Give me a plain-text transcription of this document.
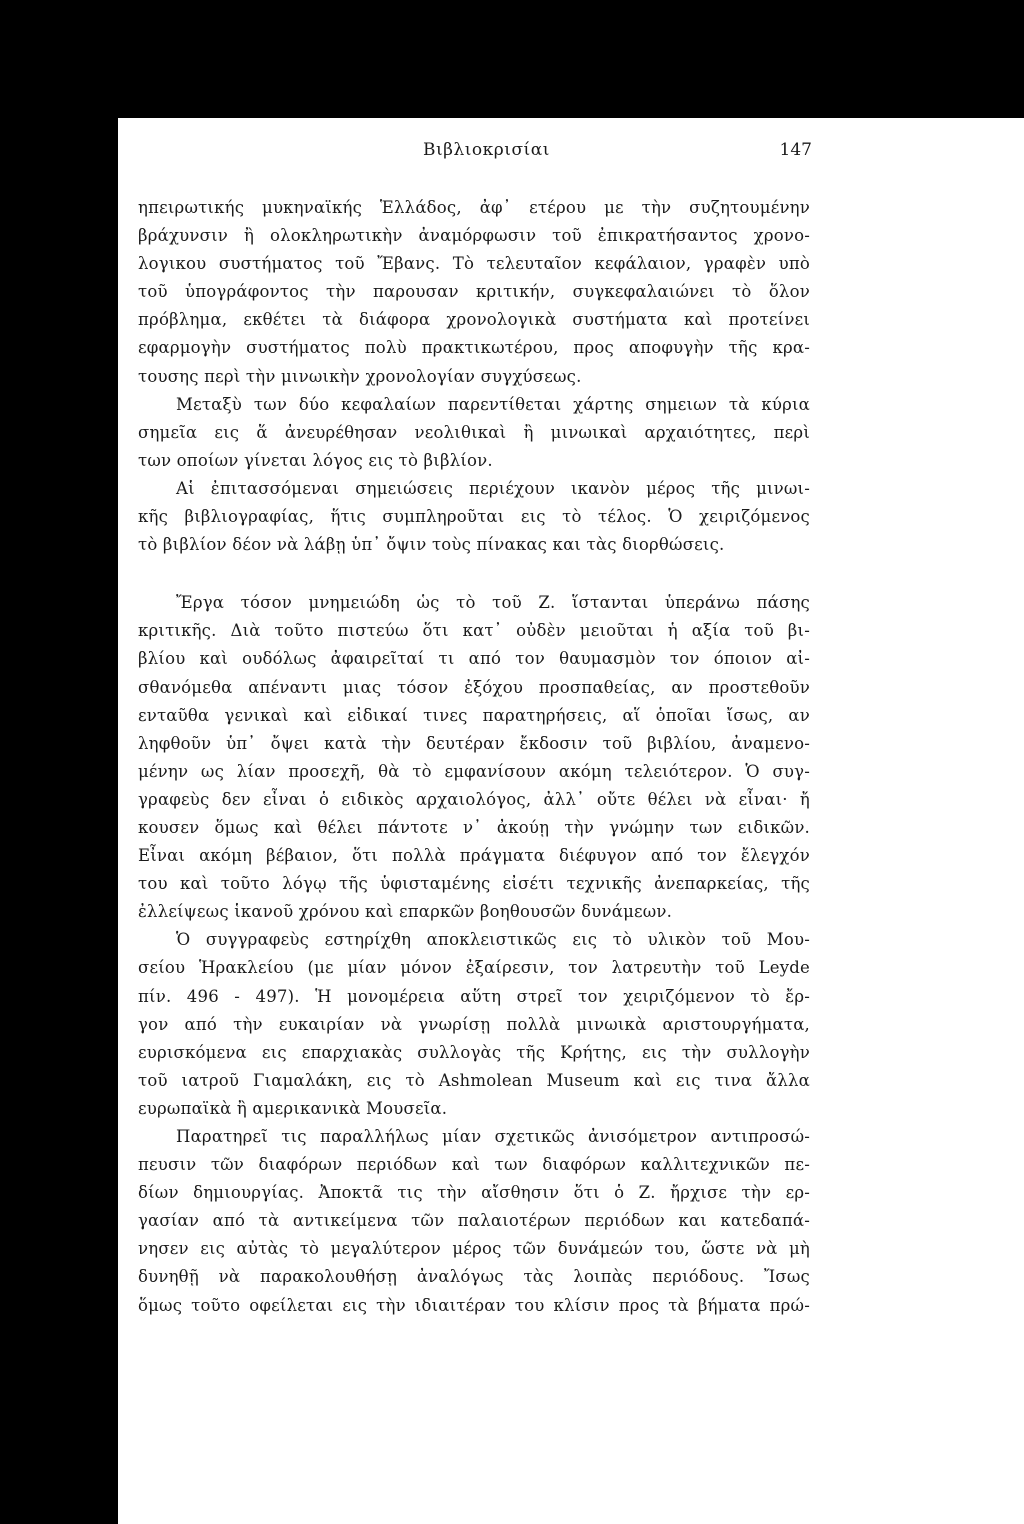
Βιβλιοκρισίαι	147
ηπειρωτικής μυκηναϊκής Ἑλλάδος, ἀφ᾽ ετέρου με τὴν συζητουμένην
βράχυνσιν ἢ ολοκληρωτικὴν ἀναμόρφωσιν τοῦ ἐπικρατήσαντος χρονο-
λογικου συστήματος τοῦ Ἔβανς. Τὸ τελευταῖον κεφάλαιον, γραφὲν υπὸ
τοῦ ὑπογράφοντος τὴν παρουσαν κριτικήν, συγκεφαλαιώνει τὸ ὅλον
πρόβλημα, εκθέτει τὰ διάφορα χρονολογικὰ συστήματα καὶ προτείνει
εφαρμογὴν συστήματος πολὺ πρακτικωτέρου, προς αποφυγὴν τῆς κρα-
τουσης περὶ τὴν μινωικὴν χρονολογίαν συγχύσεως.
Μεταξὺ των δύο κεφαλαίων παρεντίθεται χάρτης σημειων τὰ κύρια
σημεῖα εις ἅ ἀνευρέθησαν νεολιθικαὶ ἢ μινωικαὶ αρχαιότητες, περὶ
των οποίων γίνεται λόγος εις τὸ βιβλίον.
Αἱ ἐπιτασσόμεναι σημειώσεις περιέχουν ικανὸν μέρος τῆς μινωι-
κῆς βιβλιογραφίας, ἥτις συμπληροῦται εις τὸ τέλος. Ὁ χειριζόμενος
τὸ βιβλίον δέον νὰ λάβῃ ὑπ᾽ ὄψιν τοὺς πίνακας και τὰς διορθώσεις.
Ἔργα τόσον μνημειώδη ὡς τὸ τοῦ Ζ. ἵστανται ὑπεράνω πάσης
κριτικῆς. Διὰ τοῦτο πιστεύω ὅτι κατ᾽ οὐδὲν μειοῦται ἡ αξία τοῦ βι-
βλίου καὶ ουδόλως ἀφαιρεῖταί τι από τον θαυμασμὸν τον όποιον αἰ-
σθανόμεθα απέναντι μιας τόσον ἐξόχου προσπαθείας, αν προστεθοῦν
ενταῦθα γενικαὶ καὶ εἰδικαί τινες παρατηρήσεις, αἵ ὁποῖαι ἴσως, αν
ληφθοῦν ὑπ᾽ ὄψει κατὰ τὴν δευτέραν ἔκδοσιν τοῦ βιβλίου, ἀναμενο-
μένην ως λίαν προσεχῆ, θὰ τὸ εμφανίσουν ακόμη τελειότερον. Ὁ συγ-
γραφεὺς δεν εἶναι ὁ ειδικὸς αρχαιολόγος, ἀλλ᾽ οὔτε θέλει νὰ εἶναι· ἤ
κουσεν ὅμως καὶ θέλει πάντοτε ν᾽ ἀκούῃ τὴν γνώμην των ειδικῶν.
Εἶναι ακόμη βέβαιον, ὅτι πολλὰ πράγματα διέφυγον από τον ἔλεγχόν
του καὶ τοῦτο λόγῳ τῆς ὑφισταμένης εἰσέτι τεχνικῆς ἀνεπαρκείας, τῆς
ἐλλείψεως ἱκανοῦ χρόνου καὶ επαρκῶν βοηθουσῶν δυνάμεων.
Ὁ συγγραφεὺς εστηρίχθη αποκλειστικῶς εις τὸ υλικὸν τοῦ Μου-
σείου Ἡρακλείου (με μίαν μόνον ἐξαίρεσιν, τον λατρευτὴν τοῦ Leyde
πίν. 496 - 497). Ἡ μονομέρεια αὕτη στρεῖ τον χειριζόμενον τὸ ἔρ-
γον από τὴν ευκαιρίαν νὰ γνωρίσῃ πολλὰ μινωικὰ αριστουργήματα,
ευρισκόμενα εις επαρχιακὰς συλλογὰς τῆς Κρήτης, εις τὴν συλλογὴν
τοῦ ιατροῦ Γιαμαλάκη, εις τὸ Ashmolean Museum καὶ εις τινα ἄλλα
ευρωπαϊκὰ ἢ αμερικανικὰ Μουσεῖα.
Παρατηρεῖ τις παραλλήλως μίαν σχετικῶς ἀνισόμετρον αντιπροσώ-
πευσιν τῶν διαφόρων περιόδων καὶ των διαφόρων καλλιτεχνικῶν πε-
δίων δημιουργίας. Ἀποκτᾶ τις τὴν αἴσθησιν ὅτι ὁ Ζ. ἤρχισε τὴν ερ-
γασίαν από τὰ αντικείμενα τῶν παλαιοτέρων περιόδων και κατεδαπά-
νησεν εις αὐτὰς τὸ μεγαλύτερον μέρος τῶν δυνάμεών του, ὥστε νὰ μὴ
δυνηθῇ νὰ παρακολουθήσῃ ἀναλόγως τὰς λοιπὰς περιόδους. Ἴσως
ὅμως τοῦτο οφείλεται εις τὴν ιδιαιτέραν του κλίσιν προς τὰ βήματα πρώ-
